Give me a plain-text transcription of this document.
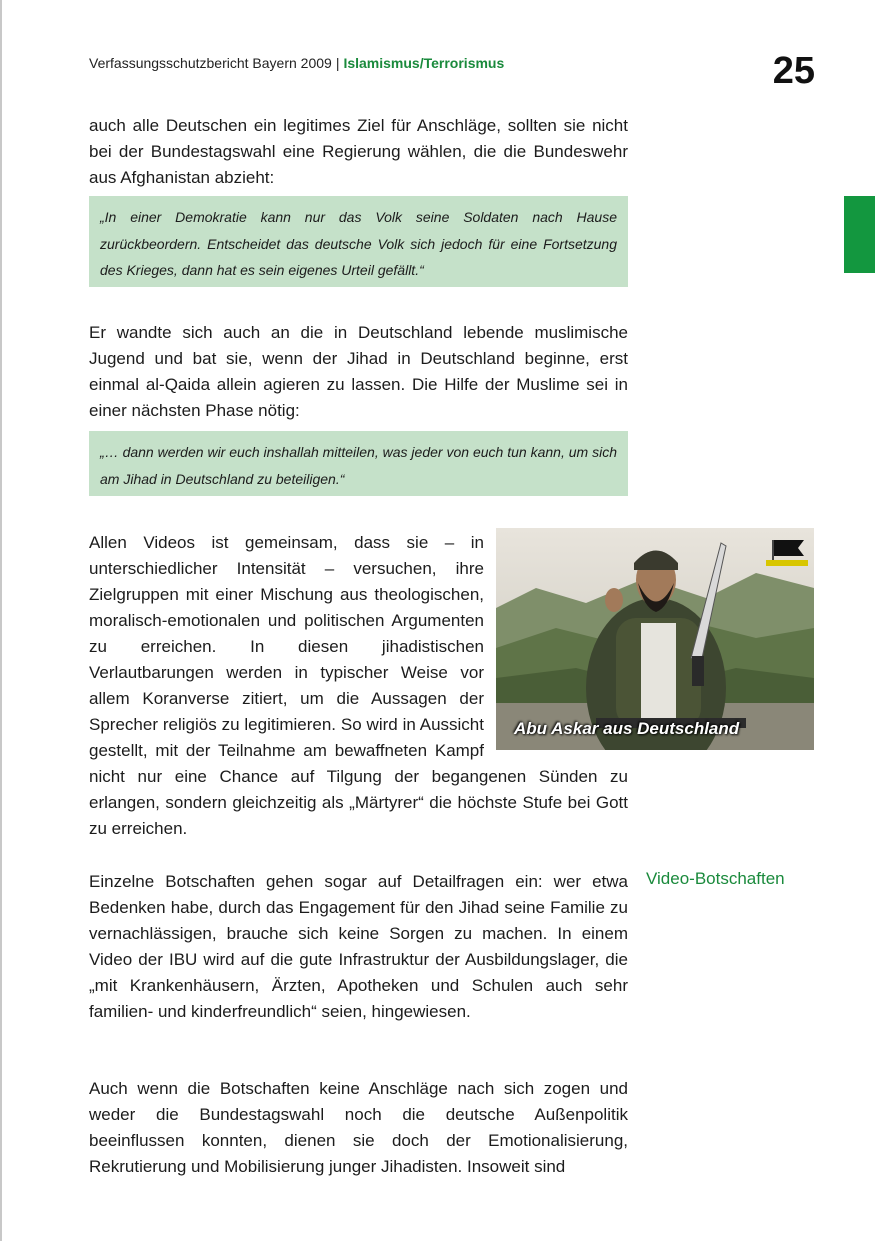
Verfassungsschutzbericht Bayern 2009 | Islamismus/Terrorismus	25
auch alle Deutschen ein legitimes Ziel für Anschläge, sollten sie nicht bei der Bundestagswahl eine Regierung wählen, die die Bundeswehr aus Afghanistan abzieht:
„In einer Demokratie kann nur das Volk seine Soldaten nach Hause zurückbeordern. Entscheidet das deutsche Volk sich jedoch für eine Fortsetzung des Krieges, dann hat es sein eigenes Urteil gefällt.“
Er wandte sich auch an die in Deutschland lebende muslimische Jugend und bat sie, wenn der Jihad in Deutschland beginne, erst einmal al-Qaida allein agieren zu lassen. Die Hilfe der Muslime sei in einer nächsten Phase nötig:
„… dann werden wir euch inshallah mitteilen, was jeder von euch tun kann, um sich am Jihad in Deutschland zu beteiligen.“
Abu Askar aus Deutschland
Allen Videos ist gemeinsam, dass sie – in unterschiedlicher Intensität – versuchen, ihre Zielgruppen mit einer Mischung aus theologischen, moralisch-emotionalen und politischen Argumenten zu erreichen. In diesen jihadistischen Verlautbarungen werden in typischer Weise vor allem Koranverse zitiert, um die Aussagen der Sprecher religiös zu legitimieren. So wird in Aussicht gestellt, mit der Teilnahme am bewaffneten Kampf nicht nur eine Chance auf Tilgung der begangenen Sünden zu erlangen, sondern gleichzeitig als „Märtyrer“ die höchste Stufe bei Gott zu erreichen.
Video-Botschaften
Einzelne Botschaften gehen sogar auf Detailfragen ein: wer etwa Bedenken habe, durch das Engagement für den Jihad seine Familie zu vernachlässigen, brauche sich keine Sorgen zu machen. In einem Video der IBU wird auf die gute Infrastruktur der Ausbildungslager, die „mit Krankenhäusern, Ärzten, Apotheken und Schulen auch sehr familien- und kinderfreundlich“ seien, hingewiesen.
Auch wenn die Botschaften keine Anschläge nach sich zogen und weder die Bundestagswahl noch die deutsche Außenpolitik beeinflussen konnten, dienen sie doch der Emotionalisierung, Rekrutierung und Mobilisierung junger Jihadisten. Insoweit sind
